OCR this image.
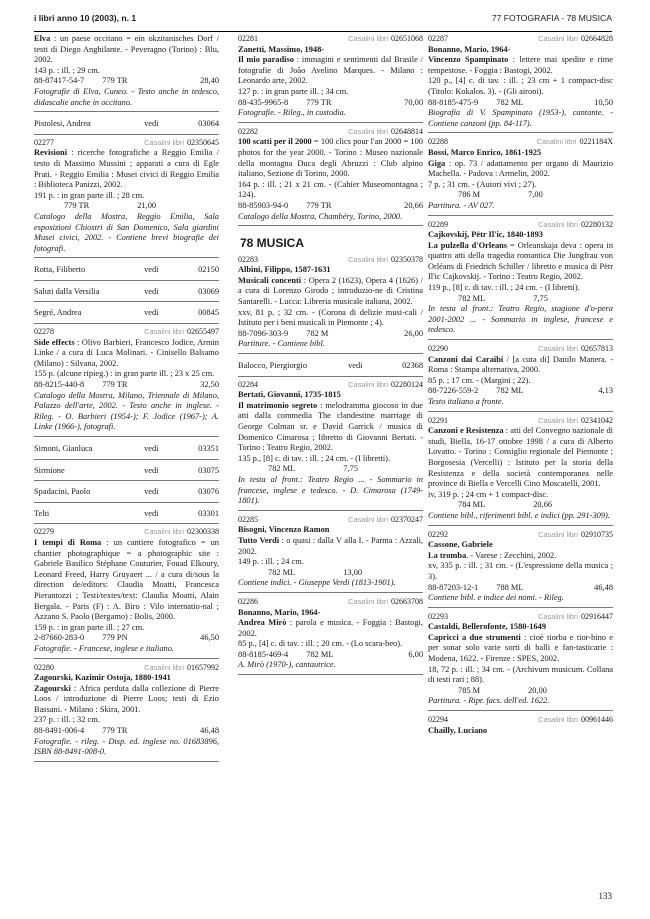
i libri anno 10 (2003), n. 1	77 FOTOGRAFIA - 78 MUSICA
Elva : un paese occitano = ein okzitanisches Dorf / testi di Diego Anghilante. - Peveragno (Torino) : Blu, 2002.
143 p. : ill. ; 29 cm.
88-87417-54-7	779 TR	28,40
Fotografie di Elva, Cuneo. - Testo anche in tedesco, didascalie anche in occitano.
Pistolesi, Andrea	vedi	03064
02277	Casalini libri 02350645
Revisioni : ricerche fotografiche a Reggio Emilia / testo di Massimo Mussini ; apparati a cura di Egle Prati. - Reggio Emilia : Musei civici di Reggio Emilia : Biblioteca Panizzi, 2002.
191 p. : in gran parte ill. ; 28 cm.
779 TR	21,00
Catalogo della Mostra, Reggio Emilia, Sala esposizioni Chiostri di San Domenico, Sala giardini Musei civici, 2002. - Contiene brevi biografie dei fotografi.
Rotta, Filiberto	vedi	02150
Saluti dalla Versilia	vedi	03069
Segré, Andrea	vedi	00845
02278	Casalini libri 02655497
Side effects : Olivo Barbieri, Francesco Jodice, Armin Linke / a cura di Luca Molinari. - Cinisello Balsamo (Milano) : Silvana, 2002.
155 p. (alcune ripieg.) : in gran parte ill. ; 23 x 25 cm.
88-8215-440-8	779 TR	32,50
Catalogo della Mostra, Milano, Triennale di Milano, Palazzo dell'arte, 2002. - Testo anche in inglese. - Rileg. - O. Barbieri (1954-); F. Jodice (1967-); A. Linke (1966-), fotografi.
Simoni, Gianluca	vedi	03351
Sirmione	vedi	03075
Spadacini, Paolo	vedi	03076
Telti	vedi	03301
02279	Casalini libri 02300338
I tempi di Roma : un cantiere fotografico = un chantier photographique = a photographic site : Gabriele Basilico Stéphane Couturier, Fouad Elkoury, Leonard Freed, Harry Gruyaert ... / a cura di/sous la direction de/editors: Claudia Moatti, Francesca Pierantozzi ; Testi/textes/text: Claudia Moatti, Alain Bergala. - Paris (F) : A. Biro : Vilo internatio-nal ; Azzano S. Paolo (Bergamo) : Bolis, 2000.
159 p. : in gran parte ill. ; 27 cm.
2-87660-283-0	779 PN	46,50
Fotografie. - Francese, inglese e italiano.
02280	Casalini libri 01657992
Zagourski, Kazimir Ostoja, 1880-1941
Zagourski : Africa perduta dalla collezione di Pierre Loos / introduzione di Pierre Loos; testi di Ezio Bassani. - Milano : Skira, 2001.
237 p. : ill. ; 32 cm.
88-8491-006-4	779 TR	46,48
Fotografie. - rileg. - Disp. ed. inglese no. 01683896, ISBN 88-8491-008-0.
02281	Casalini libri 02651068
Zanetti, Massimo, 1948-
Il mio paradiso : immagini e sentimenti dal Brasile / fotografie di João Avelino Marques. - Milano : Leonardo arte, 2002.
127 p. : in gran parte ill. ; 34 cm.
88-435-9965-8	779 TR	70,00
Fotografie. - Rileg., in custodia.
02282	Casalini libri 02648814
100 scatti per il 2000 = 100 clics pour l'an 2000 = 100 photos for the year 2000. - Torino : Museo nazionale della montagna Duca degli Abruzzi : Club alpino italiano, Sezione di Torino, 2000.
164 p. : ill. ; 21 x 21 cm. - (Cahier Museomontagna ; 124).
88-85903-94-0	779 TR	20,66
Catalogo della Mostra, Chambéry, Torino, 2000.
78 MUSICA
02283	Casalini libri 02350378
Albini, Filippo, 1587-1631
Musicali concenti : Opera 2 (1623), Opera 4 (1626) / a cura di Lorenzo Girodo ; introduzio-ne di Cristina Santarelli. - Lucca: Libreria musicale italiana, 2002.
xxv, 81 p. ; 32 cm. - (Corona di delizie musi-cali / Istituto per i beni musicali in Piemonte ; 4).
88-7096-303-9	782 M	26,00
Partiture. - Contiene bibl.
Balocco, Piergiorgio	vedi	02368
02284	Casalini libri 02280124
Bertati, Giovanni, 1735-1815
Il matrimonio segreto : melodramma giocoso in due atti dalla commedia The clandestine marriage di George Colman sr. e David Garrick / musica di Domenico Cimarosa ; libretto di Giovanni Bertati. - Torino : Teatro Regio, 2002.
135 p., [8] c. di tav. : ill. ; 24 cm. - (I libretti).
782 ML	7,75
In testa al front.: Teatro Regio ... - Sommario in francese, inglese e tedesco. - D. Cimarosa (1749-1801).
02285	Casalini libri 02370247
Bisogni, Vincenzo Ramon
Tutto Verdi : o quasi : dalla V alla I. - Parma : Azzali, 2002.
149 p. : ill. ; 24 cm.
782 ML	13,00
Contiene indici. - Giuseppe Verdi (1813-1901).
02286	Casalini libri 02663708
Bonanno, Mario, 1964-
Andrea Mirò : parola e musica. - Foggia : Bastogi, 2002.
85 p., [4] c. di tav. : ill. ; 20 cm. - (Lo scara-beo).
88-8185-469-4	782 ML	6,00
A. Mirò (1970-), cantautrice.
02287	Casalini libri 02664828
Bonanno, Mario, 1964-
Vincenzo Spampinato : lettere mai spedite e rime tempestose. - Foggia : Bastogi, 2002.
120 p., [4] c. di tav. : ill. ; 23 cm + 1 compact-disc (Titolo: Kokalos. 3). - (Gli aironi).
88-8185-475-9	782 ML	10,50
Biografia di V. Spampinato (1953-), cantante. - Contiene canzoni (pp. 84-117).
02288	Casalini libri 0221184X
Bossi, Marco Enrico, 1861-1925
Giga : op. 73 / adattamento per organo di Maurizio Machella. - Padova : Armelin, 2002.
7 p. ; 31 cm. - (Autori vivi ; 27).
786 M	7,00
Partitura. - AV 027.
02289	Casalini libri 02280132
Cajkovskij, Pëtr Il'ic, 1840-1893
La pulzella d'Orleans = Orleanskaja deva : opera in quattro atti della tragedia romantica Die Jungfrau von Orléans di Friedrich Schiller / libretto e musica di Pëtr Il'ic Cajkovskij. - Torino : Teatro Regio, 2002.
119 p., [8] c. di tav. : ill. ; 24 cm. - (I libretti).
782 ML	7,75
In testa al front.: Teatro Regio, stagione d'o-pera 2001-2002 ... - Sommario in inglese, francese e tedesco.
02290	Casalini libri 02657813
Canzoni dai Caraibi / [a cura di] Danilo Manera. - Roma : Stampa alternativa, 2000.
85 p. ; 17 cm. - (Margini ; 22).
88-7226-559-2	782 ML	4,13
Testo italiano a fronte.
02291	Casalini libri 02341042
Canzoni e Resistenza : atti del Convegno nazionale di studi, Biella, 16-17 ottobre 1998 / a cura di Alberto Lovatto. - Torino : Consiglio regionale del Piemonte ; Borgosesia (Vercelli) : Istituto per la storia della Resistenza e della società contemporanea nelle province di Biella e Vercelli Cino Moscatelli, 2001.
iv, 319 p. ; 24 cm + 1 compact-disc.
784 ML	20,66
Contiene bibl., riferimenti bibl. e indici (pp. 291-309).
02292	Casalini libri 02910735
Cassone, Gabriele
La tromba. - Varese : Zecchini, 2002.
xv, 335 p. : ill. ; 31 cm. - (L'espressione della musica ; 3).
88-87203-12-1	788 ML	46,48
Contiene bibl. e indice dei nomi. - Rileg.
02293	Casalini libri 02916447
Castaldi, Bellerofonte, 1580-1649
Capricci a due strumenti : cioè tiorba e tior-bino e per sonar solo varie sorti di balli e fan-tasticarie : Modena, 1622. - Firenze : SPES, 2002.
18, 72 p. : ill. ; 34 cm. - (Archivum musicum. Collana di testi rari ; 88).
785 M	20,00
Partitura. - Ripr. facs. dell'ed. 1622.
02294	Casalini libri 00961446
Chailly, Luciano
133
